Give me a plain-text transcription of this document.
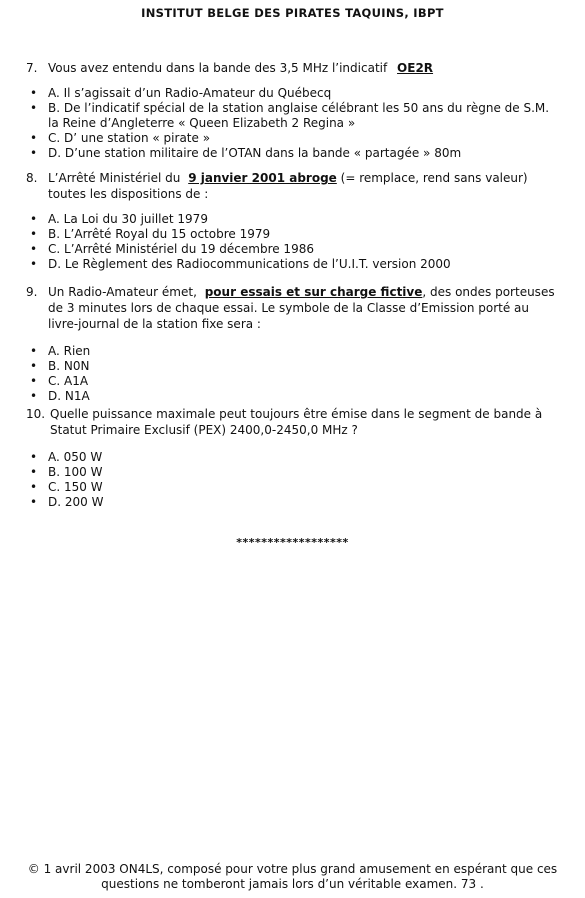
INSTITUT BELGE DES PIRATES TAQUINS, IBPT
7. Vous avez entendu dans la bande des 3,5 MHz l’indicatif OE2R
• A. Il s’agissait d’un Radio-Amateur du Québecq
• B. De l’indicatif spécial de la station anglaise célébrant les 50 ans du règne de S.M. la Reine d’Angleterre « Queen Elizabeth 2 Regina »
• C. D’ une station « pirate »
• D. D’une station militaire de l’OTAN dans la bande « partagée » 80m
8. L’Arrêté Ministériel du 9 janvier 2001 abroge (= remplace, rend sans valeur) toutes les dispositions de :
• A. La Loi du 30 juillet 1979
• B. L’Arrêté Royal du 15 octobre 1979
• C. L’Arrêté Ministériel du 19 décembre 1986
• D. Le Règlement des Radiocommunications de l’U.I.T. version 2000
9. Un Radio-Amateur émet, pour essais et sur charge fictive, des ondes porteuses de 3 minutes lors de chaque essai. Le symbole de la Classe d’Emission porté au livre-journal de la station fixe sera :
• A. Rien
• B. N0N
• C. A1A
• D. N1A
10. Quelle puissance maximale peut toujours être émise dans le segment de bande à Statut Primaire Exclusif (PEX) 2400,0-2450,0 MHz ?
• A. 050 W
• B. 100 W
• C. 150 W
• D. 200 W
******************
© 1 avril 2003 ON4LS, composé pour votre plus grand amusement en espérant que ces
questions ne tomberont jamais lors d’un véritable examen. 73 .
